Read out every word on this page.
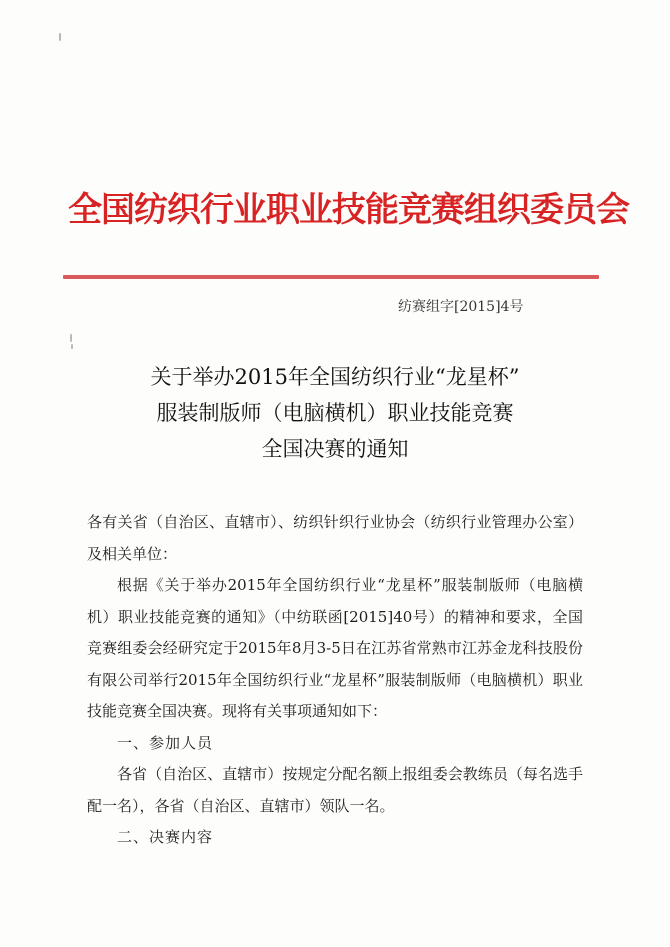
全国纺织行业职业技能竞赛组织委员会
纺赛组字[2015]4号
关于举办2015年全国纺织行业“龙星杯”
服装制版师（电脑横机）职业技能竞赛
全国决赛的通知

各有关省（自治区、直辖市）、纺织针织行业协会（纺织行业管理办公室）及相关单位：

根据《关于举办2015年全国纺织行业“龙星杯”服装制版师（电脑横机）职业技能竞赛的通知》（中纺联函[2015]40号）的精神和要求，全国竞赛组委会经研究定于2015年8月3-5日在江苏省常熟市江苏金龙科技股份有限公司举行2015年全国纺织行业“龙星杯”服装制版师（电脑横机）职业技能竞赛全国决赛。现将有关事项通知如下：

一、参加人员

各省（自治区、直辖市）按规定分配名额上报组委会教练员（每名选手配一名），各省（自治区、直辖市）领队一名。

二、决赛内容
